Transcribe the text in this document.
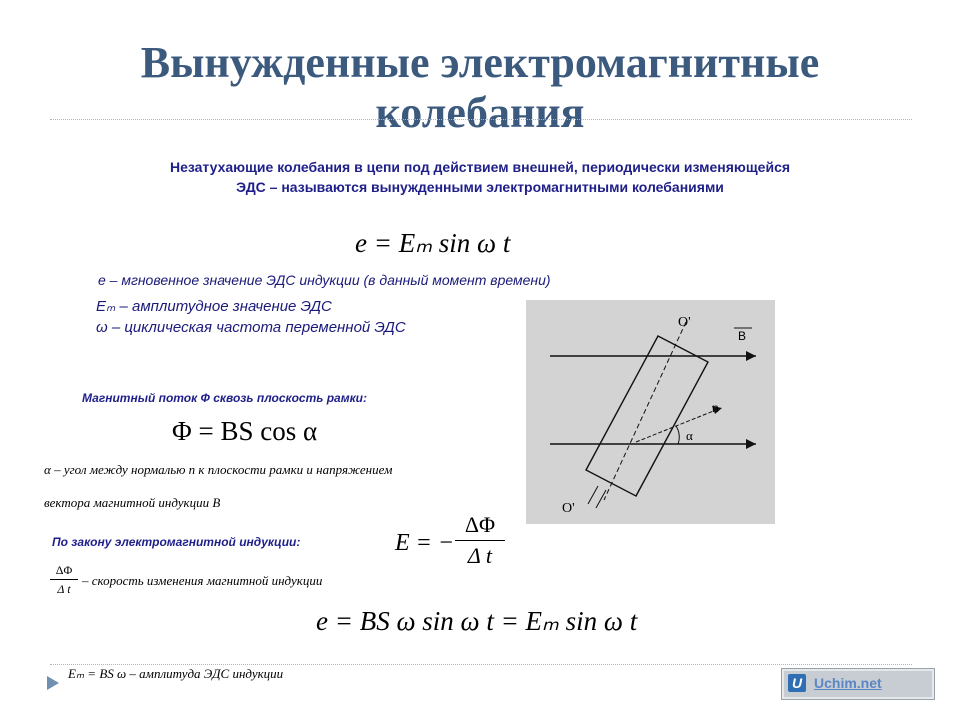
Вынужденные электромагнитные
колебания
Незатухающие колебания в цепи под действием внешней, периодически изменяющейся
ЭДС – называются вынужденными электромагнитными колебаниями
e = Eₘ sin ω t
e – мгновенное значение ЭДС индукции (в данный момент времени)
Eₘ – амплитудное значение ЭДС
ω – циклическая частота переменной ЭДС
Магнитный поток Ф сквозь плоскость рамки:
Φ = BS cos α
α – угол между нормалью n к плоскости рамки и напряжением
вектора магнитной индукции B
По закону электромагнитной индукции:	E = −
ΔΦ
Δ t
ΔΦ
Δ t
– скорость изменения магнитной индукции
e = BS ω sin ω t = Eₘ sin ω t
Eₘ = BS ω – амплитуда ЭДС индукции
O'
O'
B
n
α
U Uchim.net
